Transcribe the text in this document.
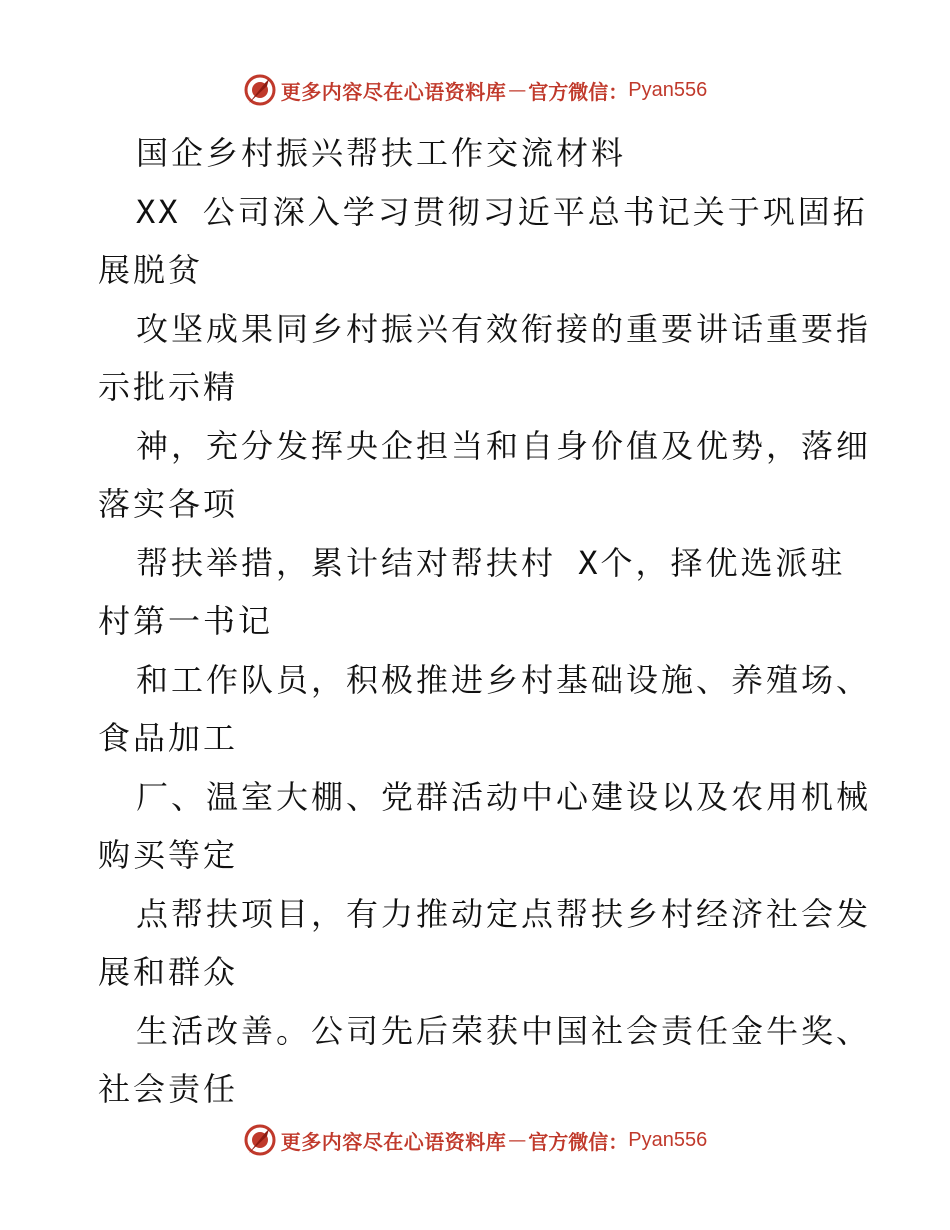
更多内容尽在心语资料库 — 官方微信： Pyan556
国企乡村振兴帮扶工作交流材料
XX 公司深入学习贯彻习近平总书记关于巩固拓
展脱贫
攻坚成果同乡村振兴有效衔接的重要讲话重要指
示批示精
神，充分发挥央企担当和自身价值及优势，落细
落实各项
帮扶举措，累计结对帮扶村 X个，择优选派驻
村第一书记
和工作队员，积极推进乡村基础设施、养殖场、
食品加工
厂、温室大棚、党群活动中心建设以及农用机械
购买等定
点帮扶项目，有力推动定点帮扶乡村经济社会发
展和群众
生活改善。公司先后荣获中国社会责任金牛奖、
社会责任
更多内容尽在心语资料库 — 官方微信： Pyan556
